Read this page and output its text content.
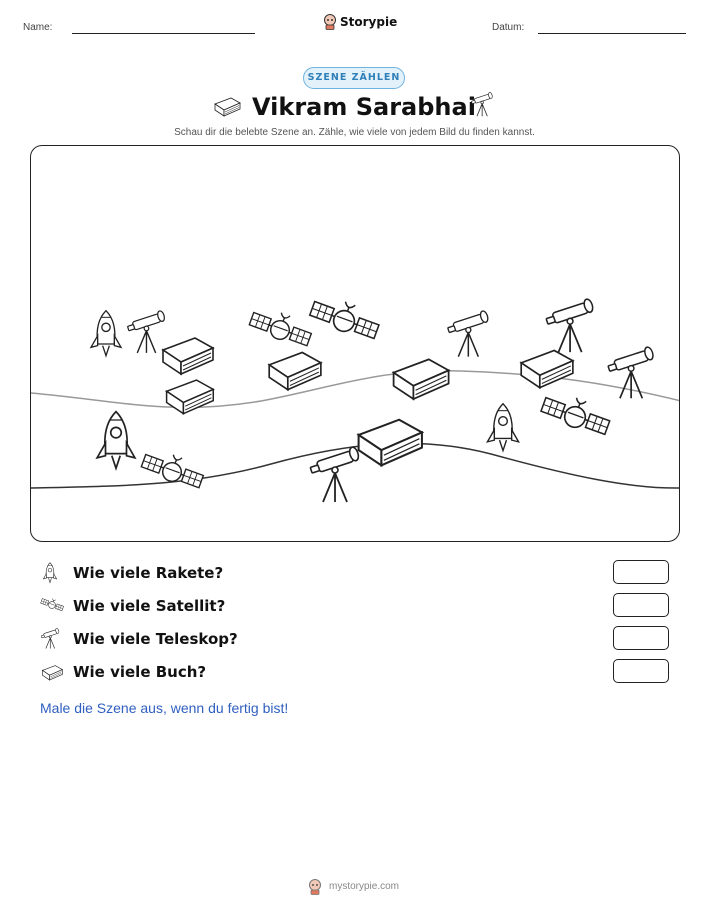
Name:	Storypie	Datum:
SZENE ZÄHLEN
Vikram Sarabhai
Schau dir die belebte Szene an. Zähle, wie viele von jedem Bild du finden kannst.
Wie viele Rakete?
Wie viele Satellit?
Wie viele Teleskop?
Wie viele Buch?
Male die Szene aus, wenn du fertig bist!
mystorypie.com
